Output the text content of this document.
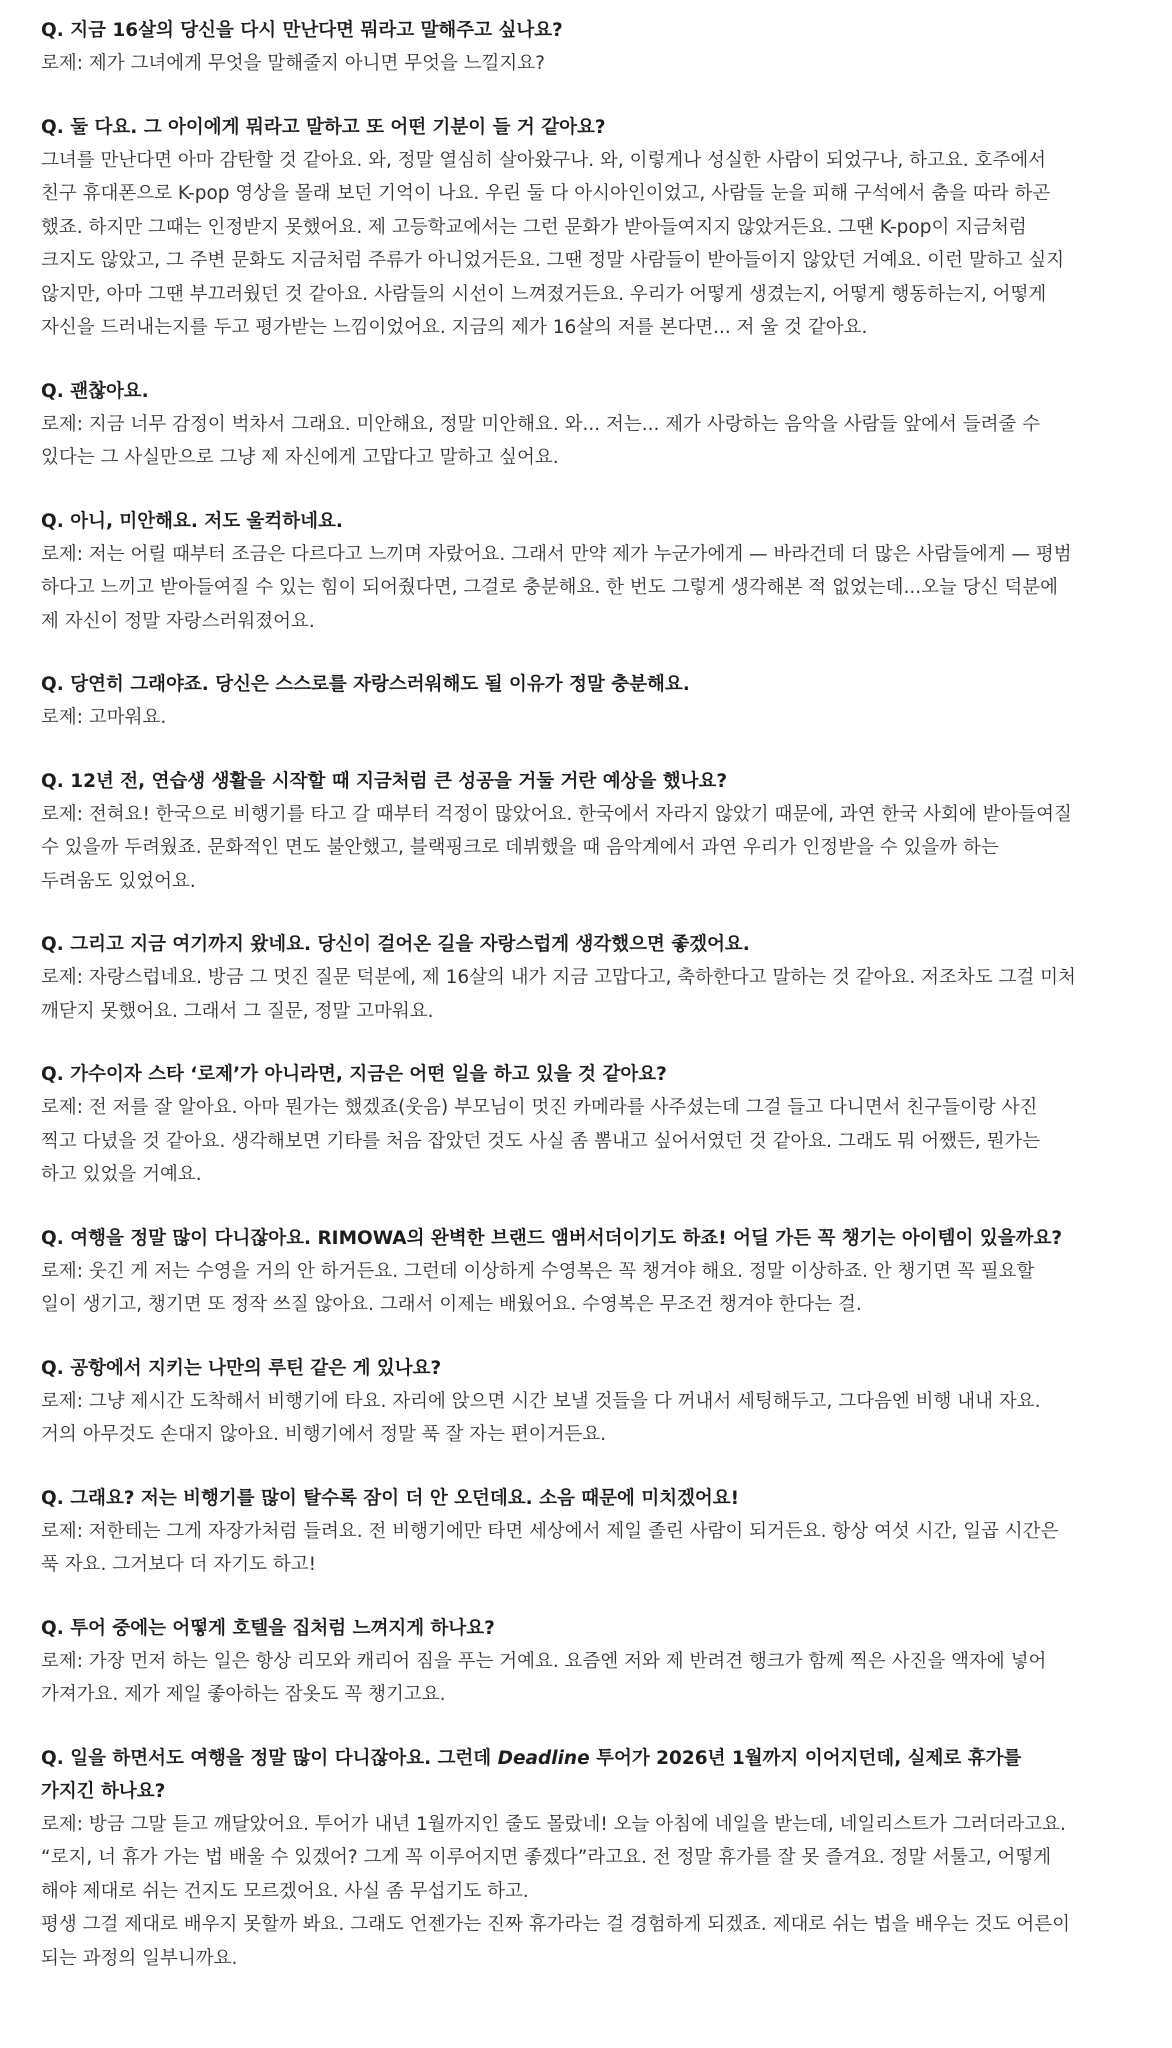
Q. 지금 16살의 당신을 다시 만난다면 뭐라고 말해주고 싶나요?

로제: 제가 그녀에게 무엇을 말해줄지 아니면 무엇을 느낄지요?

Q. 둘 다요. 그 아이에게 뭐라고 말하고 또 어떤 기분이 들 거 같아요?

그녀를 만난다면 아마 감탄할 것 같아요. 와, 정말 열심히 살아왔구나. 와, 이렇게나 성실한 사람이 되었구나, 하고요. 호주에서
친구 휴대폰으로 K-pop 영상을 몰래 보던 기억이 나요. 우린 둘 다 아시아인이었고, 사람들 눈을 피해 구석에서 춤을 따라 하곤
했죠. 하지만 그때는 인정받지 못했어요. 제 고등학교에서는 그런 문화가 받아들여지지 않았거든요. 그땐 K-pop이 지금처럼
크지도 않았고, 그 주변 문화도 지금처럼 주류가 아니었거든요. 그땐 정말 사람들이 받아들이지 않았던 거예요. 이런 말하고 싶지
않지만, 아마 그땐 부끄러웠던 것 같아요. 사람들의 시선이 느껴졌거든요. 우리가 어떻게 생겼는지, 어떻게 행동하는지, 어떻게
자신을 드러내는지를 두고 평가받는 느낌이었어요. 지금의 제가 16살의 저를 본다면... 저 울 것 같아요.

Q. 괜찮아요.

로제: 지금 너무 감정이 벅차서 그래요. 미안해요, 정말 미안해요. 와... 저는... 제가 사랑하는 음악을 사람들 앞에서 들려줄 수
있다는 그 사실만으로 그냥 제 자신에게 고맙다고 말하고 싶어요.

Q. 아니, 미안해요. 저도 울컥하네요.

로제: 저는 어릴 때부터 조금은 다르다고 느끼며 자랐어요. 그래서 만약 제가 누군가에게 — 바라건데 더 많은 사람들에게 — 평범
하다고 느끼고 받아들여질 수 있는 힘이 되어줬다면, 그걸로 충분해요. 한 번도 그렇게 생각해본 적 없었는데...오늘 당신 덕분에
제 자신이 정말 자랑스러워졌어요.

Q. 당연히 그래야죠. 당신은 스스로를 자랑스러워해도 될 이유가 정말 충분해요.

로제: 고마워요.

Q. 12년 전, 연습생 생활을 시작할 때 지금처럼 큰 성공을 거둘 거란 예상을 했나요?

로제: 전혀요! 한국으로 비행기를 타고 갈 때부터 걱정이 많았어요. 한국에서 자라지 않았기 때문에, 과연 한국 사회에 받아들여질
수 있을까 두려웠죠. 문화적인 면도 불안했고, 블랙핑크로 데뷔했을 때 음악계에서 과연 우리가 인정받을 수 있을까 하는
두려움도 있었어요.

Q. 그리고 지금 여기까지 왔네요. 당신이 걸어온 길을 자랑스럽게 생각했으면 좋겠어요.

로제: 자랑스럽네요. 방금 그 멋진 질문 덕분에, 제 16살의 내가 지금 고맙다고, 축하한다고 말하는 것 같아요. 저조차도 그걸 미처
깨닫지 못했어요. 그래서 그 질문, 정말 고마워요.

Q. 가수이자 스타 ‘로제’가 아니라면, 지금은 어떤 일을 하고 있을 것 같아요?

로제: 전 저를 잘 알아요. 아마 뭔가는 했겠죠(웃음) 부모님이 멋진 카메라를 사주셨는데 그걸 들고 다니면서 친구들이랑 사진
찍고 다녔을 것 같아요. 생각해보면 기타를 처음 잡았던 것도 사실 좀 뽐내고 싶어서였던 것 같아요. 그래도 뭐 어쨌든, 뭔가는
하고 있었을 거예요.

Q. 여행을 정말 많이 다니잖아요. RIMOWA의 완벽한 브랜드 앰버서더이기도 하죠! 어딜 가든 꼭 챙기는 아이템이 있을까요?

로제: 웃긴 게 저는 수영을 거의 안 하거든요. 그런데 이상하게 수영복은 꼭 챙겨야 해요. 정말 이상하죠. 안 챙기면 꼭 필요할
일이 생기고, 챙기면 또 정작 쓰질 않아요. 그래서 이제는 배웠어요. 수영복은 무조건 챙겨야 한다는 걸.

Q. 공항에서 지키는 나만의 루틴 같은 게 있나요?

로제: 그냥 제시간 도착해서 비행기에 타요. 자리에 앉으면 시간 보낼 것들을 다 꺼내서 세팅해두고, 그다음엔 비행 내내 자요.
거의 아무것도 손대지 않아요. 비행기에서 정말 푹 잘 자는 편이거든요.

Q. 그래요? 저는 비행기를 많이 탈수록 잠이 더 안 오던데요. 소음 때문에 미치겠어요!

로제: 저한테는 그게 자장가처럼 들려요. 전 비행기에만 타면 세상에서 제일 졸린 사람이 되거든요. 항상 여섯 시간, 일곱 시간은
푹 자요. 그거보다 더 자기도 하고!

Q. 투어 중에는 어떻게 호텔을 집처럼 느껴지게 하나요?

로제: 가장 먼저 하는 일은 항상 리모와 캐리어 짐을 푸는 거예요. 요즘엔 저와 제 반려견 행크가 함께 찍은 사진을 액자에 넣어
가져가요. 제가 제일 좋아하는 잠옷도 꼭 챙기고요.

Q. 일을 하면서도 여행을 정말 많이 다니잖아요. 그런데 Deadline 투어가 2026년 1월까지 이어지던데, 실제로 휴가를
가지긴 하나요?

로제: 방금 그말 듣고 깨달았어요. 투어가 내년 1월까지인 줄도 몰랐네! 오늘 아침에 네일을 받는데, 네일리스트가 그러더라고요.
“로지, 너 휴가 가는 법 배울 수 있겠어? 그게 꼭 이루어지면 좋겠다”라고요. 전 정말 휴가를 잘 못 즐겨요. 정말 서툴고, 어떻게
해야 제대로 쉬는 건지도 모르겠어요. 사실 좀 무섭기도 하고.
평생 그걸 제대로 배우지 못할까 봐요. 그래도 언젠가는 진짜 휴가라는 걸 경험하게 되겠죠. 제대로 쉬는 법을 배우는 것도 어른이
되는 과정의 일부니까요.
